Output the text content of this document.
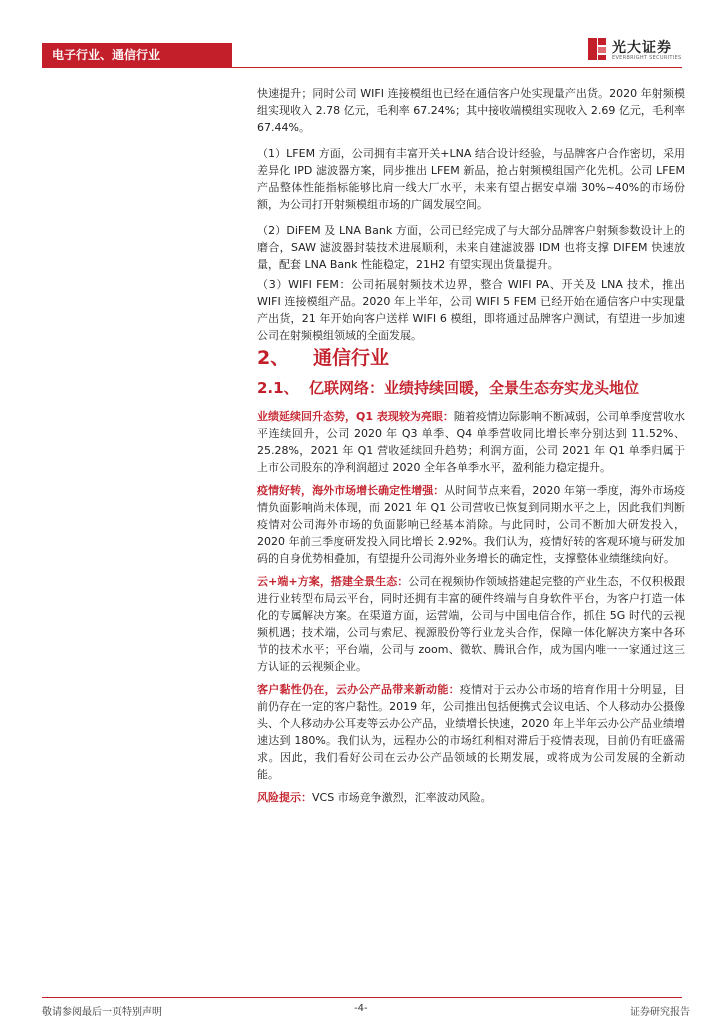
电子行业、通信行业	光大证券
EVERBRIGHT SECURITIES

快速提升；同时公司 WIFI 连接模组也已经在通信客户处实现量产出货。2020 年射频模组实现收入 2.78 亿元，毛利率 67.24%；其中接收端模组实现收入 2.69 亿元，毛利率 67.44%。

（1）LFEM 方面，公司拥有丰富开关+LNA 结合设计经验，与品牌客户合作密切，采用差异化 IPD 滤波器方案，同步推出 LFEM 新品，抢占射频模组国产化先机。公司 LFEM 产品整体性能指标能够比肩一线大厂水平，未来有望占据安卓端 30%~40%的市场份额，为公司打开射频模组市场的广阔发展空间。

（2）DiFEM 及 LNA Bank 方面，公司已经完成了与大部分品牌客户射频参数设计上的磨合，SAW 滤波器封装技术进展顺利，未来自建滤波器 IDM 也将支撑 DIFEM 快速放量，配套 LNA Bank 性能稳定，21H2 有望实现出货量提升。

（3）WIFI FEM：公司拓展射频技术边界，整合 WIFI PA、开关及 LNA 技术，推出 WIFI 连接模组产品。2020 年上半年，公司 WIFI 5 FEM 已经开始在通信客户中实现量产出货，21 年开始向客户送样 WIFI 6 模组，即将通过品牌客户测试，有望进一步加速公司在射频模组领域的全面发展。

2、 通信行业
2.1、 亿联网络：业绩持续回暖，全景生态夯实龙头地位

业绩延续回升态势，Q1 表现较为亮眼：随着疫情边际影响不断减弱，公司单季度营收水平连续回升，公司 2020 年 Q3 单季、Q4 单季营收同比增长率分别达到 11.52%、25.28%，2021 年 Q1 营收延续回升趋势；利润方面，公司 2021 年 Q1 单季归属于上市公司股东的净利润超过 2020 全年各单季水平，盈利能力稳定提升。

疫情好转，海外市场增长确定性增强：从时间节点来看，2020 年第一季度，海外市场疫情负面影响尚未体现，而 2021 年 Q1 公司营收已恢复到同期水平之上，因此我们判断疫情对公司海外市场的负面影响已经基本消除。与此同时，公司不断加大研发投入，2020 年前三季度研发投入同比增长 2.92%。我们认为，疫情好转的客观环境与研发加码的自身优势相叠加，有望提升公司海外业务增长的确定性，支撑整体业绩继续向好。

云+端+方案，搭建全景生态：公司在视频协作领域搭建起完整的产业生态，不仅积极跟进行业转型布局云平台，同时还拥有丰富的硬件终端与自身软件平台，为客户打造一体化的专属解决方案。在渠道方面，运营端，公司与中国电信合作，抓住 5G 时代的云视频机遇；技术端，公司与索尼、视源股份等行业龙头合作，保障一体化解决方案中各环节的技术水平；平台端，公司与 zoom、微软、腾讯合作，成为国内唯一一家通过这三方认证的云视频企业。

客户黏性仍在，云办公产品带来新动能：疫情对于云办公市场的培育作用十分明显，目前仍存在一定的客户黏性。2019 年，公司推出包括便携式会议电话、个人移动办公摄像头、个人移动办公耳麦等云办公产品，业绩增长快速，2020 年上半年云办公产品业绩增速达到 180%。我们认为，远程办公的市场红利相对滞后于疫情表现，目前仍有旺盛需求。因此，我们看好公司在云办公产品领域的长期发展，或将成为公司发展的全新动能。

风险提示：VCS 市场竞争激烈，汇率波动风险。

敬请参阅最后一页特别声明	-4-	证券研究报告
